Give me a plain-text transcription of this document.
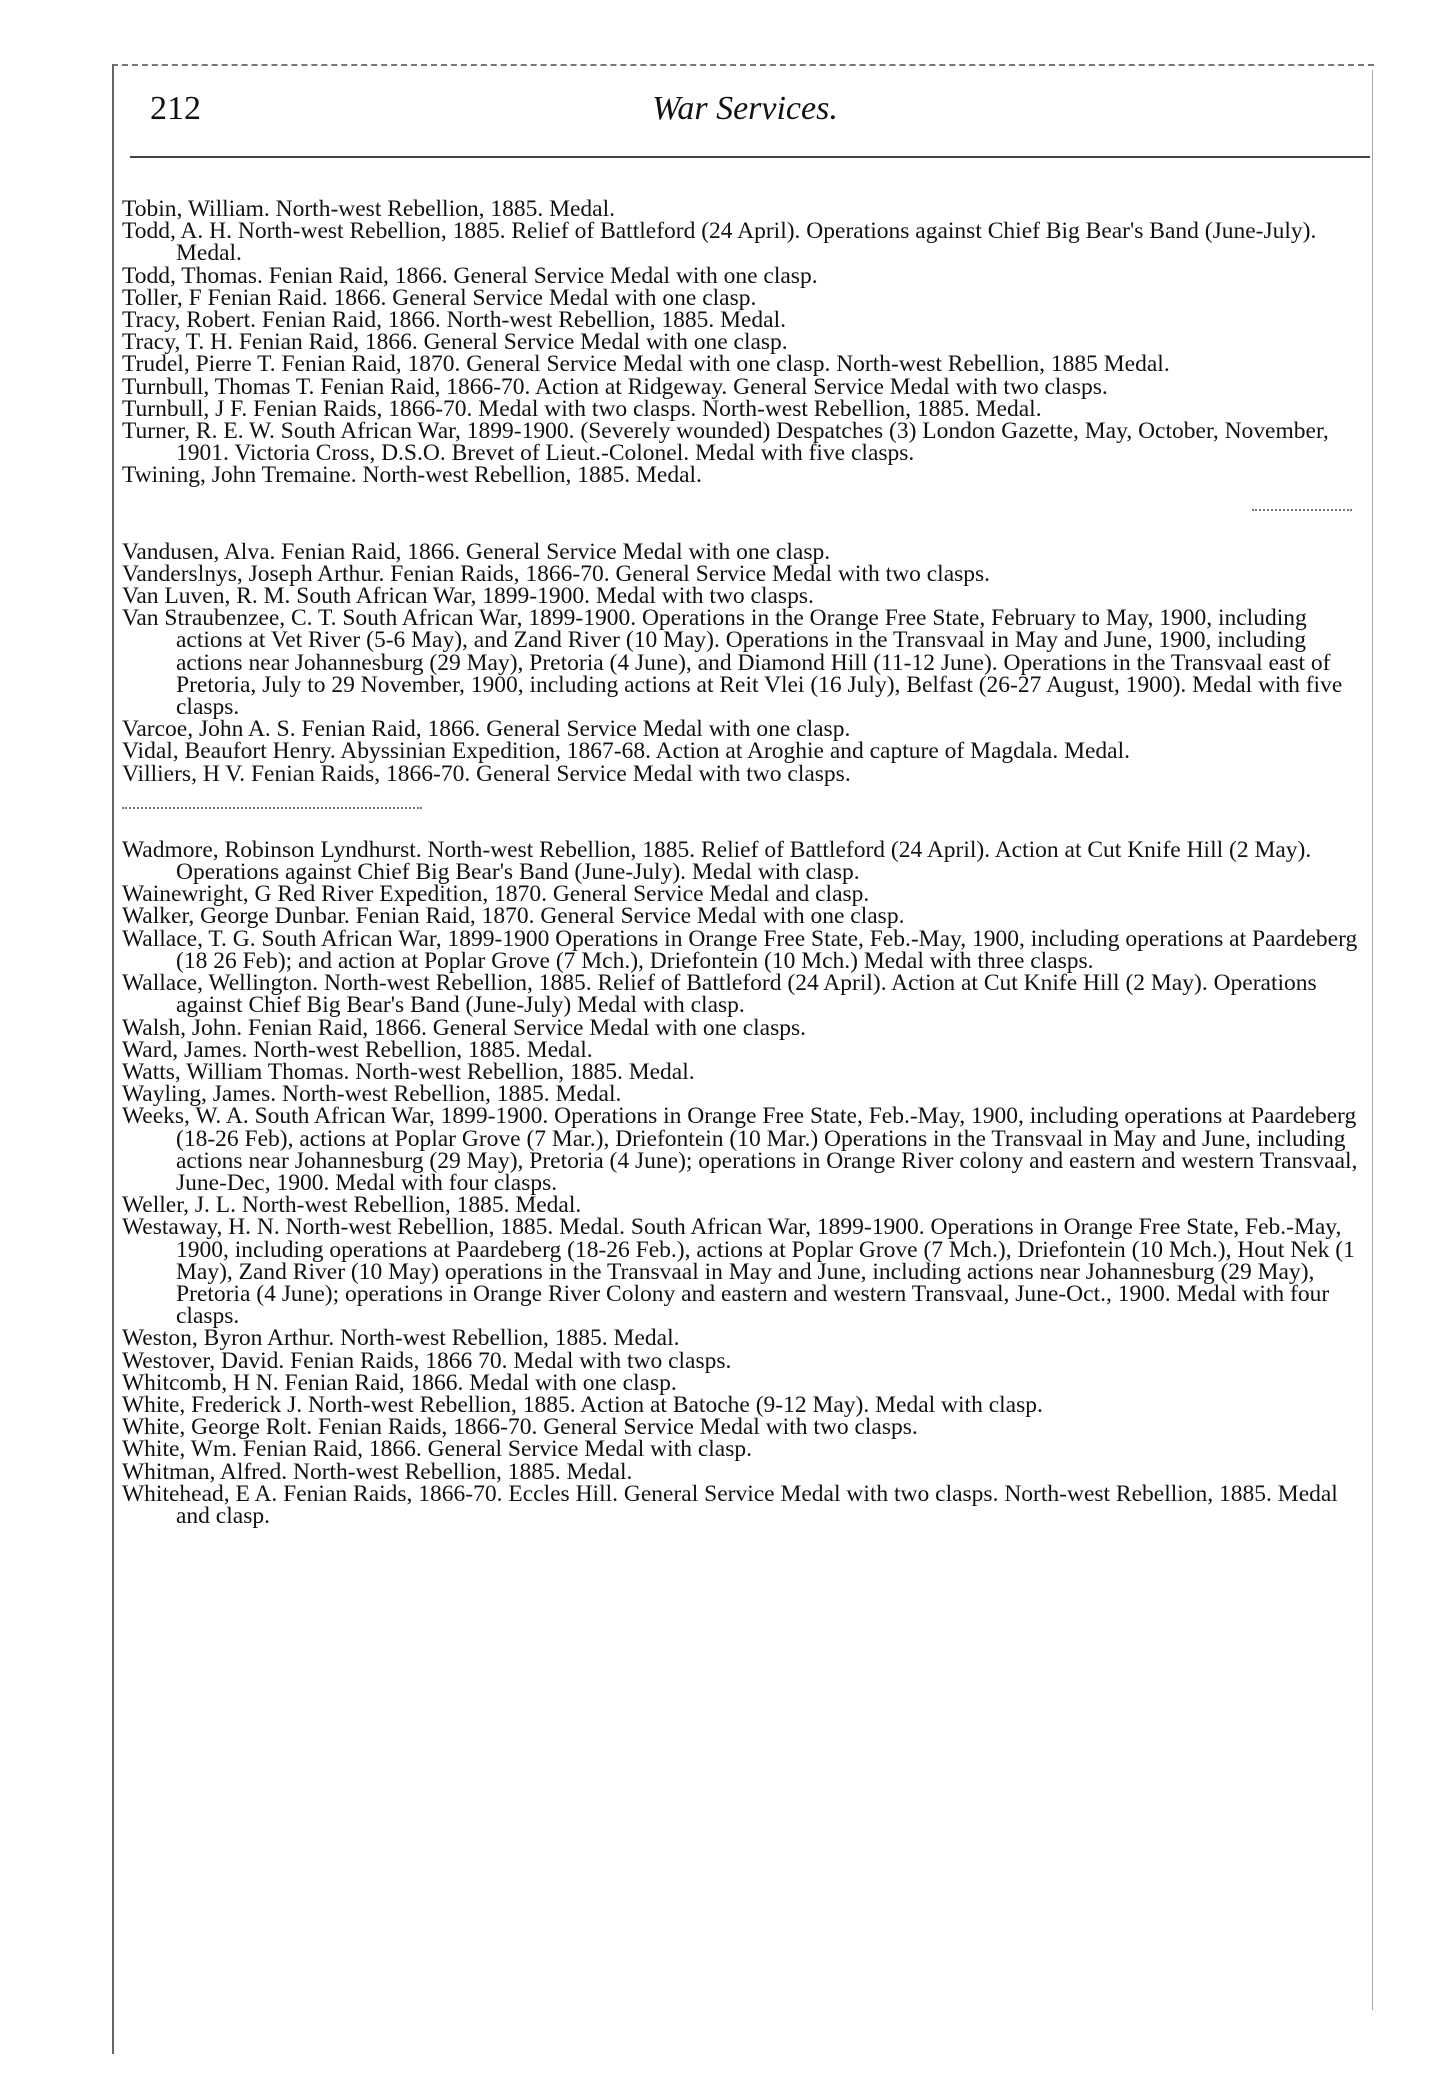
212	War Services.

Tobin, William. North-west Rebellion, 1885. Medal.

Todd, A. H. North-west Rebellion, 1885. Relief of Battleford (24 April). Operations against Chief Big Bear's Band (June-July). Medal.

Todd, Thomas. Fenian Raid, 1866. General Service Medal with one clasp.

Toller, F Fenian Raid. 1866. General Service Medal with one clasp.

Tracy, Robert. Fenian Raid, 1866. North-west Rebellion, 1885. Medal.

Tracy, T. H. Fenian Raid, 1866. General Service Medal with one clasp.

Trudel, Pierre T. Fenian Raid, 1870. General Service Medal with one clasp. North-west Rebellion, 1885 Medal.

Turnbull, Thomas T. Fenian Raid, 1866-70. Action at Ridgeway. General Service Medal with two clasps.

Turnbull, J F. Fenian Raids, 1866-70. Medal with two clasps. North-west Rebellion, 1885. Medal.

Turner, R. E. W. South African War, 1899-1900. (Severely wounded) Despatches (3) London Gazette, May, October, November, 1901. Victoria Cross, D.S.O. Brevet of Lieut.-Colonel. Medal with five clasps.

Twining, John Tremaine. North-west Rebellion, 1885. Medal.

Vandusen, Alva. Fenian Raid, 1866. General Service Medal with one clasp.

Vanderslnys, Joseph Arthur. Fenian Raids, 1866-70. General Service Medal with two clasps.

Van Luven, R. M. South African War, 1899-1900. Medal with two clasps.

Van Straubenzee, C. T. South African War, 1899-1900. Operations in the Orange Free State, February to May, 1900, including actions at Vet River (5-6 May), and Zand River (10 May). Operations in the Transvaal in May and June, 1900, including actions near Johannesburg (29 May), Pretoria (4 June), and Diamond Hill (11-12 June). Operations in the Transvaal east of Pretoria, July to 29 November, 1900, including actions at Reit Vlei (16 July), Belfast (26-27 August, 1900). Medal with five clasps.

Varcoe, John A. S. Fenian Raid, 1866. General Service Medal with one clasp.

Vidal, Beaufort Henry. Abyssinian Expedition, 1867-68. Action at Aroghie and capture of Magdala. Medal.

Villiers, H V. Fenian Raids, 1866-70. General Service Medal with two clasps.

Wadmore, Robinson Lyndhurst. North-west Rebellion, 1885. Relief of Battleford (24 April). Action at Cut Knife Hill (2 May). Operations against Chief Big Bear's Band (June-July). Medal with clasp.

Wainewright, G Red River Expedition, 1870. General Service Medal and clasp.

Walker, George Dunbar. Fenian Raid, 1870. General Service Medal with one clasp.

Wallace, T. G. South African War, 1899-1900 Operations in Orange Free State, Feb.-May, 1900, including operations at Paardeberg (18 26 Feb); and action at Poplar Grove (7 Mch.), Driefontein (10 Mch.) Medal with three clasps.

Wallace, Wellington. North-west Rebellion, 1885. Relief of Battleford (24 April). Action at Cut Knife Hill (2 May). Operations against Chief Big Bear's Band (June-July) Medal with clasp.

Walsh, John. Fenian Raid, 1866. General Service Medal with one clasps.

Ward, James. North-west Rebellion, 1885. Medal.

Watts, William Thomas. North-west Rebellion, 1885. Medal.

Wayling, James. North-west Rebellion, 1885. Medal.

Weeks, W. A. South African War, 1899-1900. Operations in Orange Free State, Feb.-May, 1900, including operations at Paardeberg (18-26 Feb), actions at Poplar Grove (7 Mar.), Driefontein (10 Mar.) Operations in the Transvaal in May and June, including actions near Johannesburg (29 May), Pretoria (4 June); operations in Orange River colony and eastern and western Transvaal, June-Dec, 1900. Medal with four clasps.

Weller, J. L. North-west Rebellion, 1885. Medal.

Westaway, H. N. North-west Rebellion, 1885. Medal. South African War, 1899-1900. Operations in Orange Free State, Feb.-May, 1900, including operations at Paardeberg (18-26 Feb.), actions at Poplar Grove (7 Mch.), Driefontein (10 Mch.), Hout Nek (1 May), Zand River (10 May) operations in the Transvaal in May and June, including actions near Johannesburg (29 May), Pretoria (4 June); operations in Orange River Colony and eastern and western Transvaal, June-Oct., 1900. Medal with four clasps.

Weston, Byron Arthur. North-west Rebellion, 1885. Medal.

Westover, David. Fenian Raids, 1866 70. Medal with two clasps.

Whitcomb, H N. Fenian Raid, 1866. Medal with one clasp.

White, Frederick J. North-west Rebellion, 1885. Action at Batoche (9-12 May). Medal with clasp.

White, George Rolt. Fenian Raids, 1866-70. General Service Medal with two clasps.

White, Wm. Fenian Raid, 1866. General Service Medal with clasp.

Whitman, Alfred. North-west Rebellion, 1885. Medal.

Whitehead, E A. Fenian Raids, 1866-70. Eccles Hill. General Service Medal with two clasps. North-west Rebellion, 1885. Medal and clasp.
